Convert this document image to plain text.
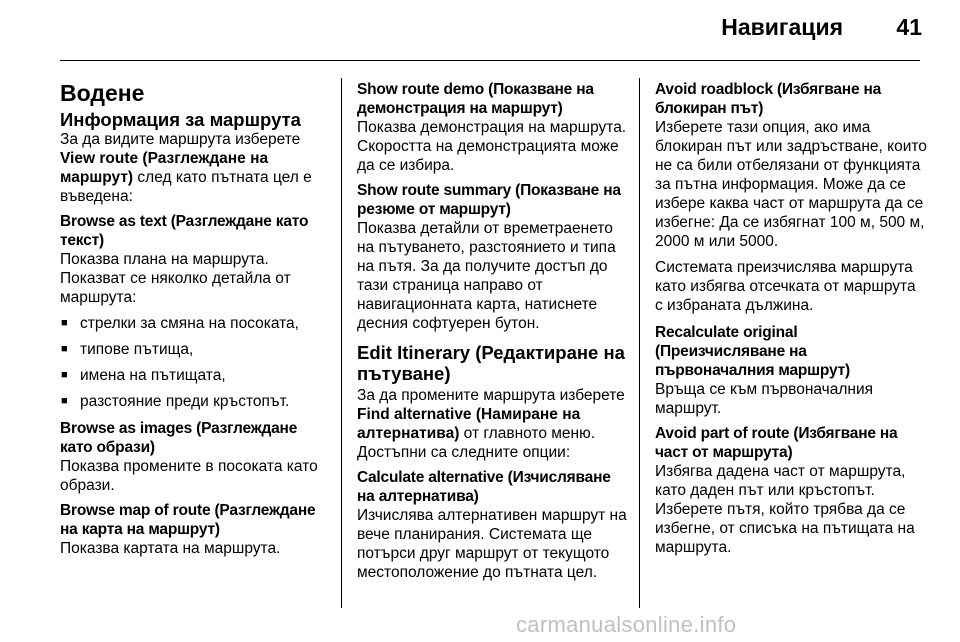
Навигация 41
Водене
Информация за маршрута

За да видите маршрута изберете View route (Разглеждане на маршрут) след като пътната цел е въведена:

Browse as text (Разглеждане като текст)

Показва плана на маршрута.

Показват се няколко детайла от маршрута:

■ стрелки за смяна на посоката,
■ типове пътища,
■ имена на пътищата,
■ разстояние преди кръстопът.
Browse as images (Разглеждане като образи)

Показва промените в посоката като образи.

Browse map of route (Разглеждане на карта на маршрут)

Показва картата на маршрута.

Show route demo (Показване на демонстрация на маршрут)

Показва демонстрация на маршрута. Скоростта на демонстрацията може да се избира.

Show route summary (Показване на резюме от маршрут)

Показва детайли от времетраенето на пътуването, разстоянието и типа на пътя. За да получите достъп до тази страница направо от навигационната карта, натиснете десния софтуерен бутон.

Edit Itinerary (Редактиране на пътуване)

За да промените маршрута изберете Find alternative (Намиране на алтернатива) от главното меню. Достъпни са следните опции:

Calculate alternative (Изчисляване на алтернатива)

Изчислява алтернативен маршрут на вече планирания. Системата ще потърси друг маршрут от текущото местоположение до пътната цел.

Avoid roadblock (Избягване на блокиран път)

Изберете тази опция, ако има блокиран път или задръстване, които не са били отбелязани от функцията за пътна информация. Може да се избере каква част от маршрута да се избегне: Да се избягнат 100 м, 500 м, 2000 м или 5000.

Системата преизчислява маршрута като избягва отсечката от маршрута с избраната дължина.

Recalculate original (Преизчисляване на първоначалния маршрут)

Връща се към първоначалния маршрут.

Avoid part of route (Избягване на част от маршрута)

Избягва дадена част от маршрута, като даден път или кръстопът. Изберете пътя, който трябва да се избегне, от списъка на пътищата на маршрута.

carmanualsonline.info
